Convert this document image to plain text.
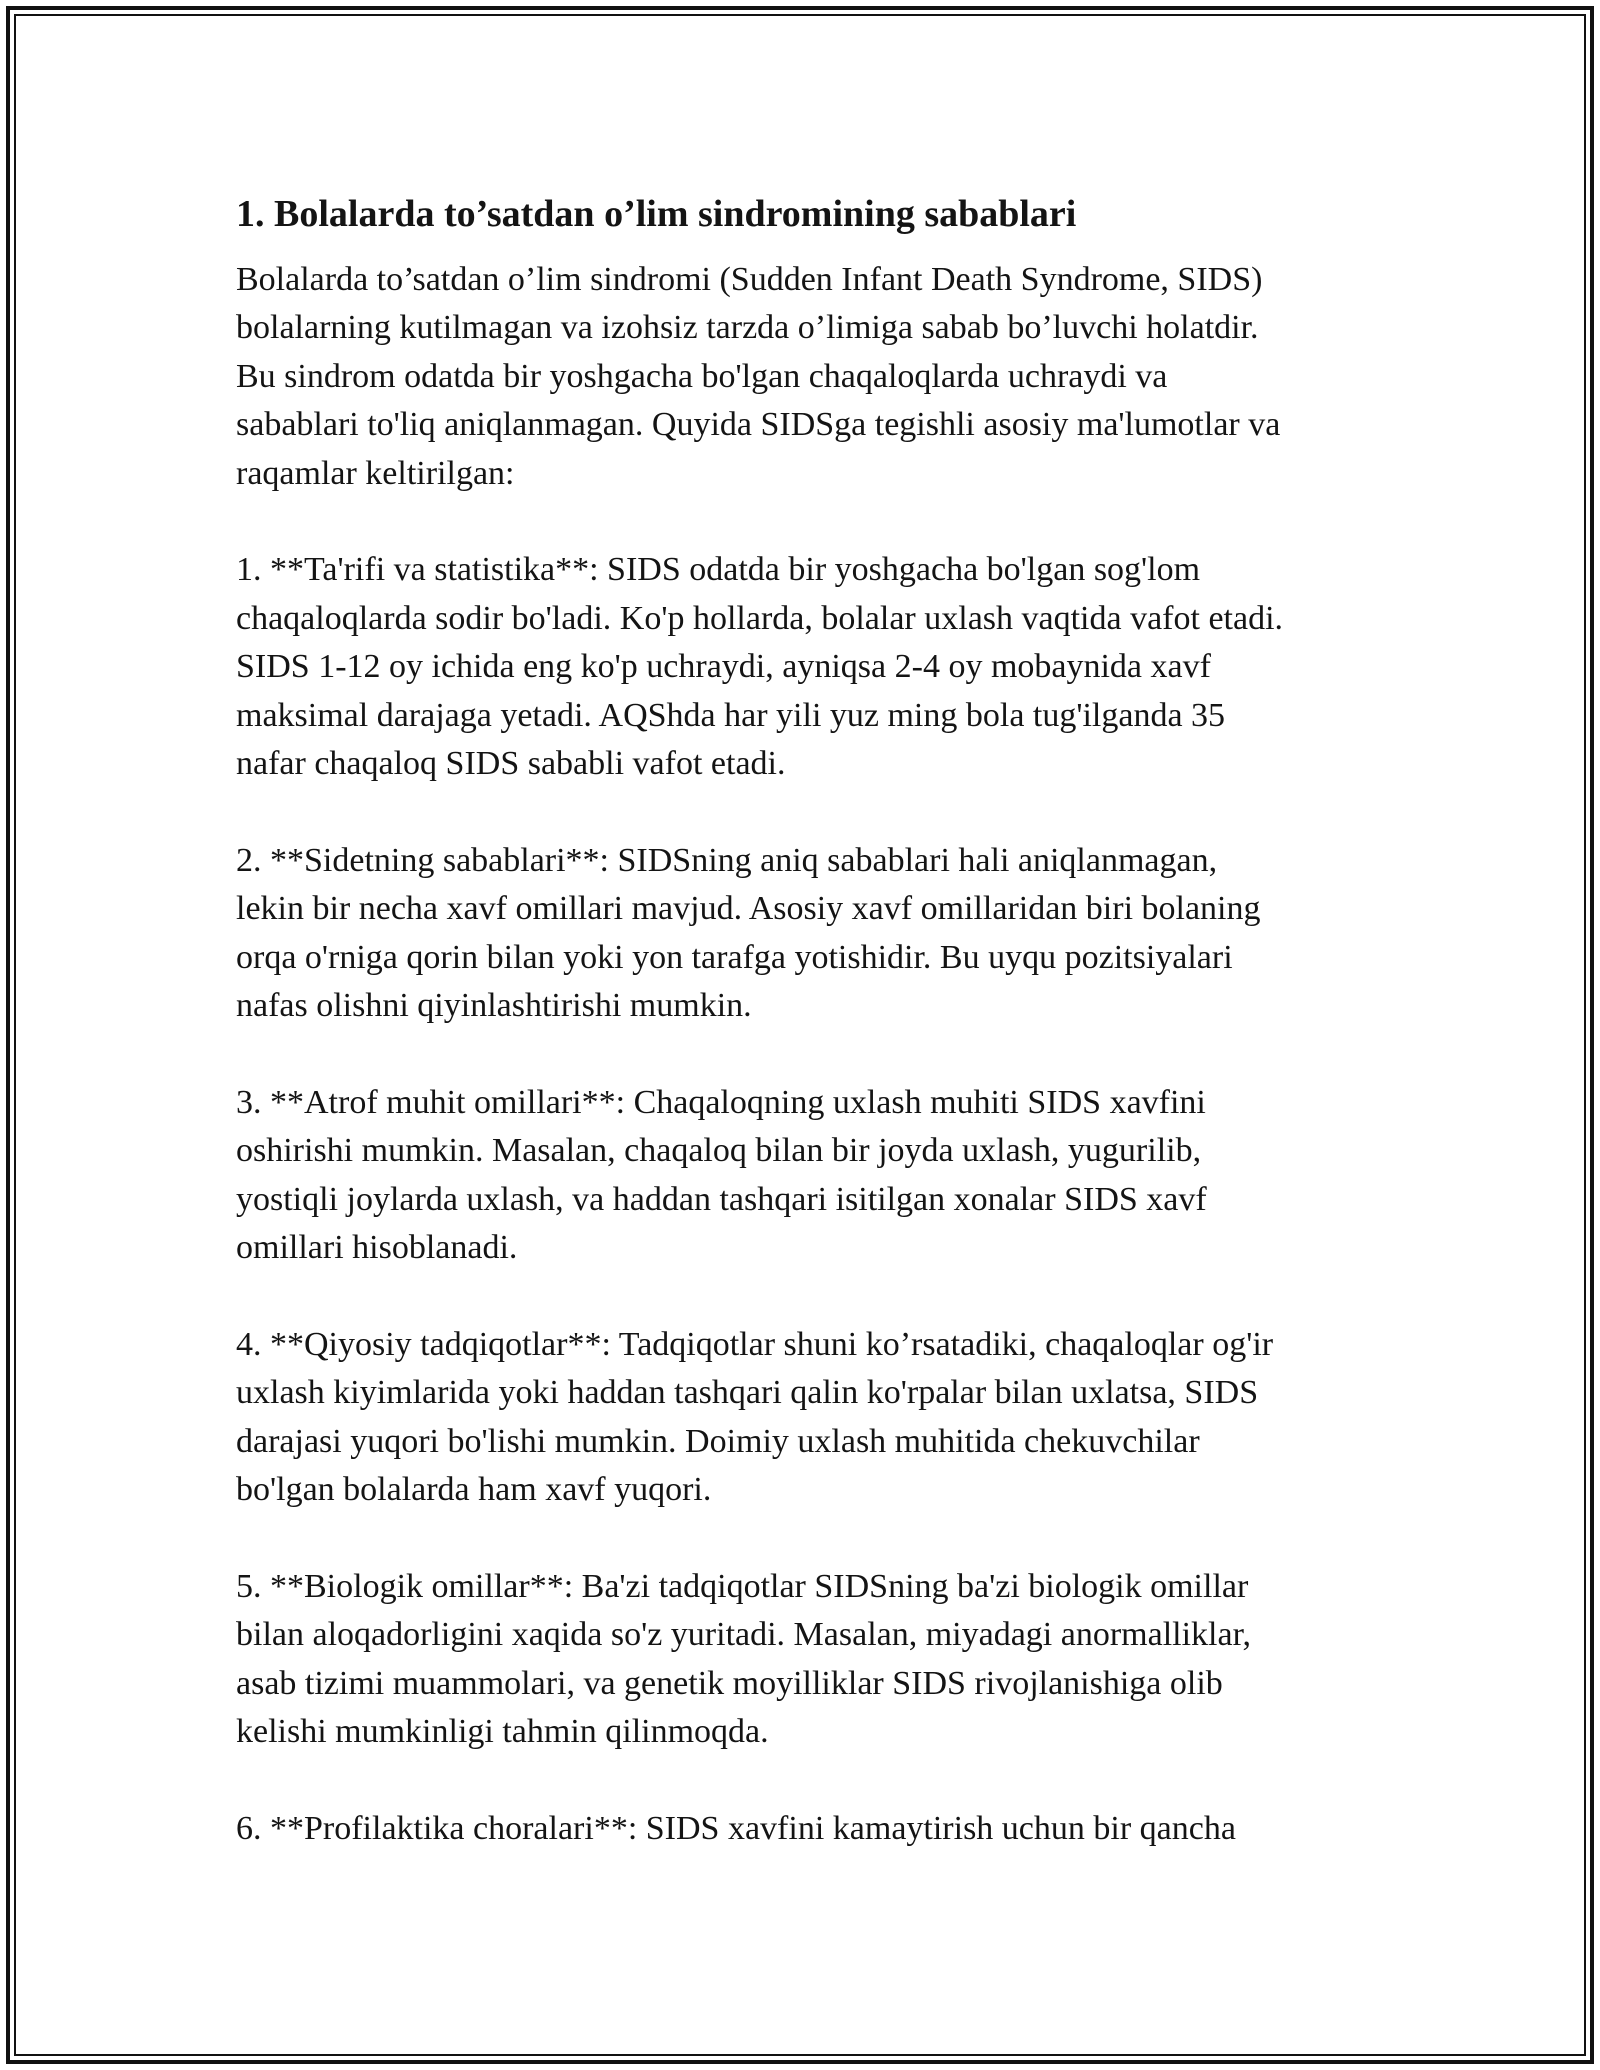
1. Bolalarda to’satdan o’lim sindromining sabablari

Bolalarda to’satdan o’lim sindromi (Sudden Infant Death Syndrome, SIDS)
bolalarning kutilmagan va izohsiz tarzda o’limiga sabab bo’luvchi holatdir.
Bu sindrom odatda bir yoshgacha bo'lgan chaqaloqlarda uchraydi va
sabablari to'liq aniqlanmagan. Quyida SIDSga tegishli asosiy ma'lumotlar va
raqamlar keltirilgan:

1. **Ta'rifi va statistika**: SIDS odatda bir yoshgacha bo'lgan sog'lom
chaqaloqlarda sodir bo'ladi. Ko'p hollarda, bolalar uxlash vaqtida vafot etadi.
SIDS 1-12 oy ichida eng ko'p uchraydi, ayniqsa 2-4 oy mobaynida xavf
maksimal darajaga yetadi. AQShda har yili yuz ming bola tug'ilganda 35
nafar chaqaloq SIDS sababli vafot etadi.

2. **Sidetning sabablari**: SIDSning aniq sabablari hali aniqlanmagan,
lekin bir necha xavf omillari mavjud. Asosiy xavf omillaridan biri bolaning
orqa o'rniga qorin bilan yoki yon tarafga yotishidir. Bu uyqu pozitsiyalari
nafas olishni qiyinlashtirishi mumkin.

3. **Atrof muhit omillari**: Chaqaloqning uxlash muhiti SIDS xavfini
oshirishi mumkin. Masalan, chaqaloq bilan bir joyda uxlash, yugurilib,
yostiqli joylarda uxlash, va haddan tashqari isitilgan xonalar SIDS xavf
omillari hisoblanadi.

4. **Qiyosiy tadqiqotlar**: Tadqiqotlar shuni ko’rsatadiki, chaqaloqlar og'ir
uxlash kiyimlarida yoki haddan tashqari qalin ko'rpalar bilan uxlatsa, SIDS
darajasi yuqori bo'lishi mumkin. Doimiy uxlash muhitida chekuvchilar
bo'lgan bolalarda ham xavf yuqori.

5. **Biologik omillar**: Ba'zi tadqiqotlar SIDSning ba'zi biologik omillar
bilan aloqadorligini xaqida so'z yuritadi. Masalan, miyadagi anormalliklar,
asab tizimi muammolari, va genetik moyilliklar SIDS rivojlanishiga olib
kelishi mumkinligi tahmin qilinmoqda.

6. **Profilaktika choralari**: SIDS xavfini kamaytirish uchun bir qancha
